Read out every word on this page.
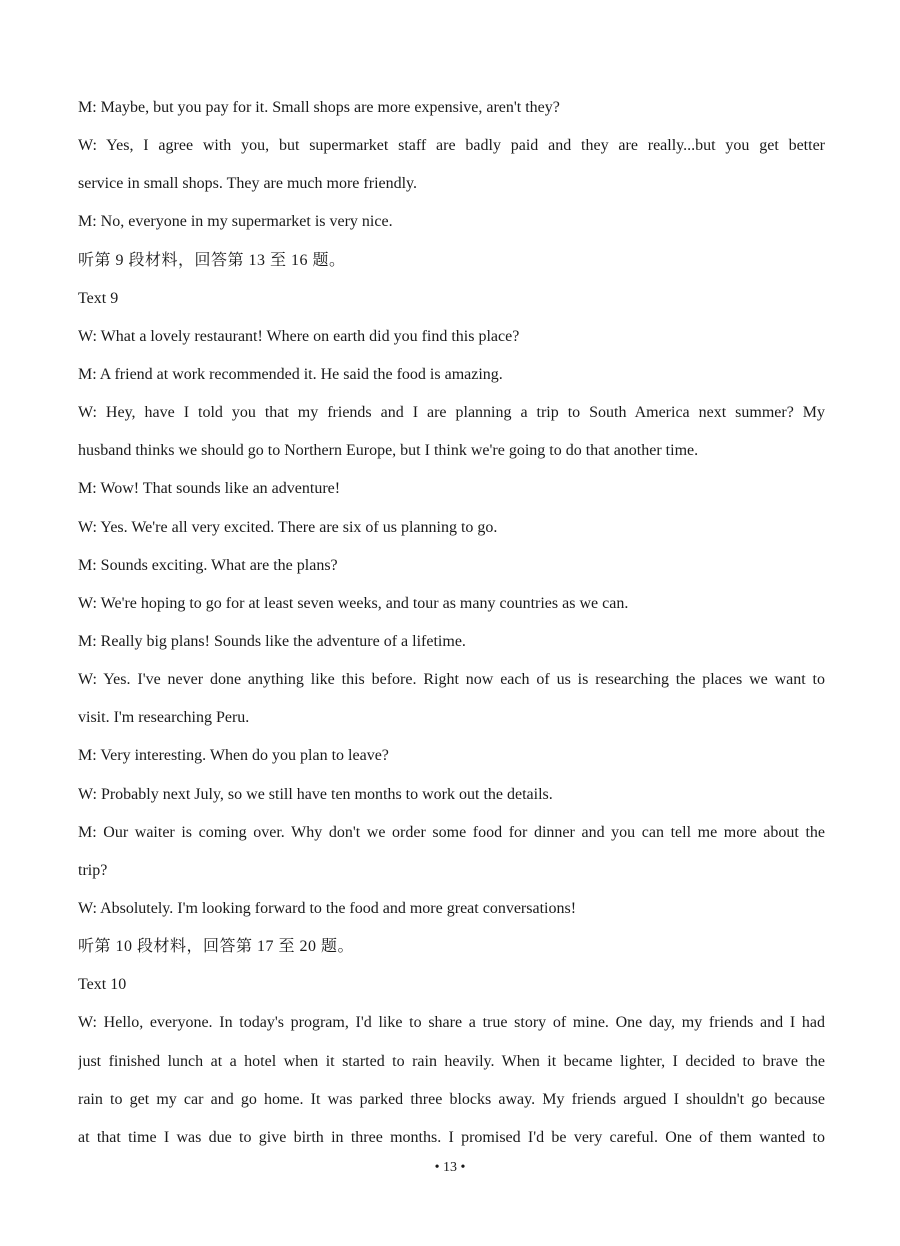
M: Maybe, but you pay for it. Small shops are more expensive, aren't they?
W: Yes, I agree with you, but supermarket staff are badly paid and they are really...but you get better
service in small shops. They are much more friendly.
M: No, everyone in my supermarket is very nice.
听第 9 段材料，回答第 13 至 16 题。
Text 9
W: What a lovely restaurant! Where on earth did you find this place?
M: A friend at work recommended it. He said the food is amazing.
W: Hey, have I told you that my friends and I are planning a trip to South America next summer? My
husband thinks we should go to Northern Europe, but I think we're going to do that another time.
M: Wow! That sounds like an adventure!
W: Yes. We're all very excited. There are six of us planning to go.
M: Sounds exciting. What are the plans?
W: We're hoping to go for at least seven weeks, and tour as many countries as we can.
M: Really big plans! Sounds like the adventure of a lifetime.
W: Yes. I've never done anything like this before. Right now each of us is researching the places we want to
visit. I'm researching Peru.
M: Very interesting. When do you plan to leave?
W: Probably next July, so we still have ten months to work out the details.
M: Our waiter is coming over. Why don't we order some food for dinner and you can tell me more about the
trip?
W: Absolutely. I'm looking forward to the food and more great conversations!
听第 10 段材料，回答第 17 至 20 题。
Text 10
W: Hello, everyone. In today's program, I'd like to share a true story of mine. One day, my friends and I had
just finished lunch at a hotel when it started to rain heavily. When it became lighter, I decided to brave the
rain to get my car and go home. It was parked three blocks away. My friends argued I shouldn't go because
at that time I was due to give birth in three months. I promised I'd be very careful. One of them wanted to
• 13 •
